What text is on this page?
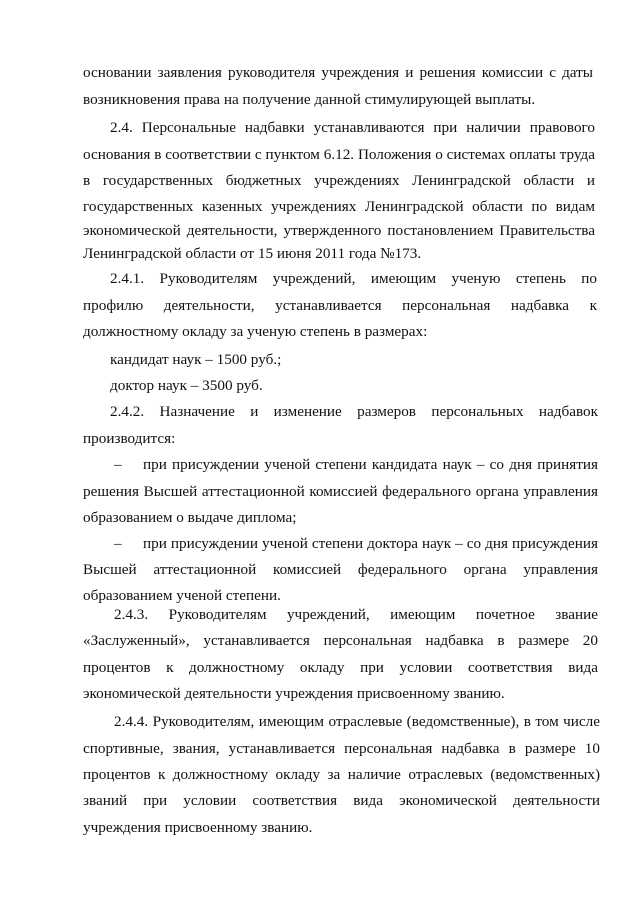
основании заявления руководителя учреждения и решения комиссии с даты
возникновения права на получение данной стимулирующей выплаты.
2.4. Персональные надбавки устанавливаются при наличии правового
основания в соответствии с пунктом 6.12. Положения о системах оплаты труда
в государственных бюджетных учреждениях Ленинградской области и
государственных казенных учреждениях Ленинградской области по видам
экономической деятельности, утвержденного постановлением Правительства
Ленинградской области от 15 июня 2011 года №173.
2.4.1. Руководителям учреждений, имеющим ученую степень по
профилю деятельности, устанавливается персональная надбавка к
должностному окладу за ученую степень в размерах:
кандидат наук – 1500 руб.;
доктор наук – 3500 руб.
2.4.2. Назначение и изменение размеров персональных надбавок
производится:
– при присуждении ученой степени кандидата наук – со дня принятия
решения Высшей аттестационной комиссией федерального органа управления
образованием о выдаче диплома;
– при присуждении ученой степени доктора наук – со дня присуждения
Высшей аттестационной комиссией федерального органа управления
образованием ученой степени.
2.4.3. Руководителям учреждений, имеющим почетное звание
«Заслуженный», устанавливается персональная надбавка в размере 20
процентов к должностному окладу при условии соответствия вида
экономической деятельности учреждения присвоенному званию.
2.4.4. Руководителям, имеющим отраслевые (ведомственные), в том числе
спортивные, звания, устанавливается персональная надбавка в размере 10
процентов к должностному окладу за наличие отраслевых (ведомственных)
званий при условии соответствия вида экономической деятельности
учреждения присвоенному званию.
